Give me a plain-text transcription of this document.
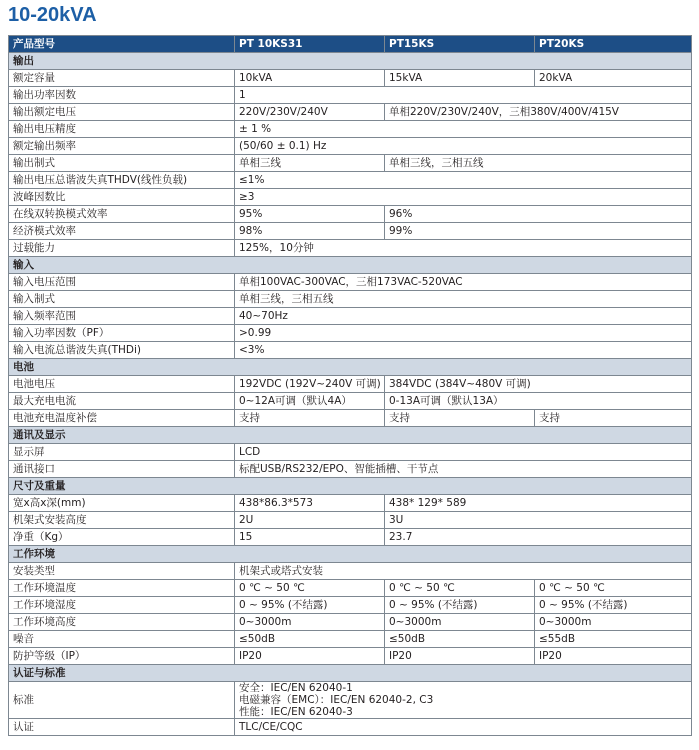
10-20kVA
产品型号	PT 10KS31	PT15KS	PT20KS
输出			
额定容量	10kVA	15kVA	20kVA
输出功率因数	1		
输出额定电压	220V/230V/240V	单相220V/230V/240V，三相380V/400V/415V	
输出电压精度	± 1 %		
额定输出频率	(50/60 ± 0.1) Hz		
输出制式	单相三线	单相三线，三相五线	
输出电压总谐波失真THDV(线性负载)	≤1%		
波峰因数比	≥3		
在线双转换模式效率	95%	96%	
经济模式效率	98%	99%	
过载能力	125%，10分钟		
输入			
输入电压范围	单相100VAC-300VAC，三相173VAC-520VAC		
输入制式	单相三线，三相五线		
输入频率范围	40~70Hz		
输入功率因数（PF）	>0.99		
输入电流总谐波失真(THDi)	<3%		
电池			
电池电压	192VDC (192V~240V 可调)	384VDC (384V~480V 可调)	
最大充电电流	0~12A可调（默认4A）	0-13A可调（默认13A）	
电池充电温度补偿	支持	支持	支持
通讯及显示			
显示屏	LCD		
通讯接口	标配USB/RS232/EPO、智能插槽、干节点		
尺寸及重量			
宽x高x深(mm)	438*86.3*573	438* 129* 589	
机架式安装高度	2U	3U	
净重（Kg）	15	23.7	
工作环境			
安装类型	机架式或塔式安装		
工作环境温度	0 ℃ ~ 50 ℃	0 ℃ ~ 50 ℃	0 ℃ ~ 50 ℃
工作环境湿度	0 ~ 95% (不结露)	0 ~ 95% (不结露)	0 ~ 95% (不结露)
工作环境高度	0~3000m	0~3000m	0~3000m
噪音	≤50dB	≤50dB	≤55dB
防护等级（IP）	IP20	IP20	IP20
认证与标准			
标准	安全：IEC/EN 62040-1
电磁兼容（EMC）：IEC/EN 62040-2, C3
性能：IEC/EN 62040-3		

认证	TLC/CE/CQC		
